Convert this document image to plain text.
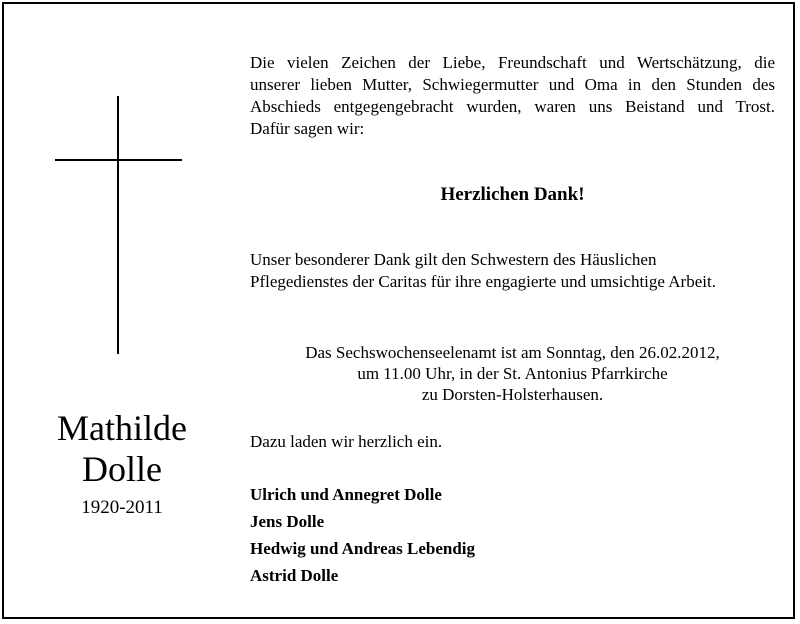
Mathilde
Dolle
1920-2011
Die vielen Zeichen der Liebe, Freundschaft und Wertschätzung, die
unserer lieben Mutter, Schwiegermutter und Oma in den Stunden des
Abschieds entgegengebracht wurden, waren uns Beistand und Trost.
Dafür sagen wir:
Herzlichen Dank!
Unser besonderer Dank gilt den Schwestern des Häuslichen
Pflegedienstes der Caritas für ihre engagierte und umsichtige Arbeit.
Das Sechswochenseelenamt ist am Sonntag, den 26.02.2012,
um 11.00 Uhr, in der St. Antonius Pfarrkirche
zu Dorsten-Holsterhausen.
Dazu laden wir herzlich ein.
Ulrich und Annegret Dolle
Jens Dolle
Hedwig und Andreas Lebendig
Astrid Dolle
